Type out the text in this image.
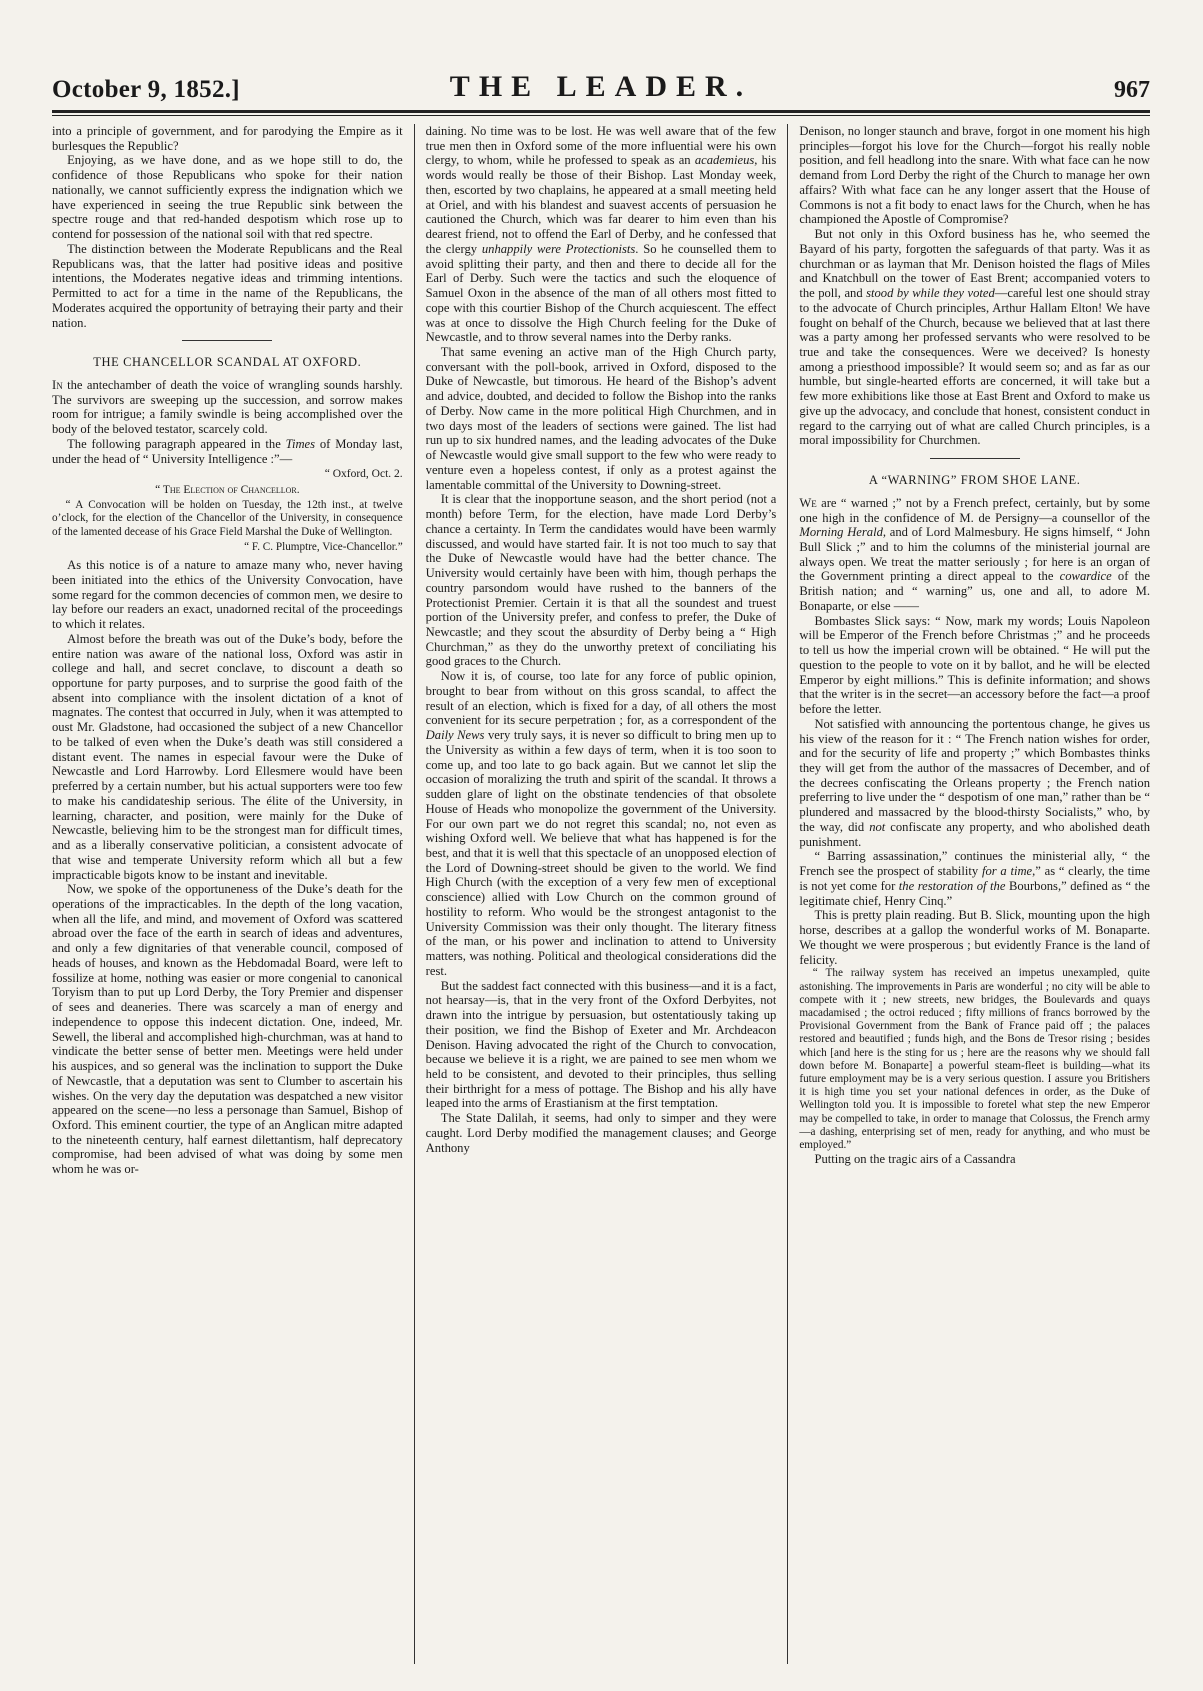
October 9, 1852.]	THE LEADER.	967

into a principle of government, and for parodying the Empire as it burlesques the Republic?

Enjoying, as we have done, and as we hope still to do, the confidence of those Republicans who spoke for their nation nationally, we cannot sufficiently express the indignation which we have experienced in seeing the true Republic sink between the spectre rouge and that red-handed despotism which rose up to contend for possession of the national soil with that red spectre.

The distinction between the Moderate Republicans and the Real Republicans was, that the latter had positive ideas and positive intentions, the Moderates negative ideas and trimming intentions. Permitted to act for a time in the name of the Republicans, the Moderates acquired the opportunity of betraying their party and their nation.

THE CHANCELLOR SCANDAL AT OXFORD.

In the antechamber of death the voice of wrangling sounds harshly. The survivors are sweeping up the succession, and sorrow makes room for intrigue; a family swindle is being accomplished over the body of the beloved testator, scarcely cold.

The following paragraph appeared in the Times of Monday last, under the head of “ University Intelligence :”—

“ Oxford, Oct. 2.
“ The Election of Chancellor.

“ A Convocation will be holden on Tuesday, the 12th inst., at twelve o’clock, for the election of the Chancellor of the University, in consequence of the lamented decease of his Grace Field Marshal the Duke of Wellington.

“ F. C. Plumptre, Vice-Chancellor.”

As this notice is of a nature to amaze many who, never having been initiated into the ethics of the University Convocation, have some regard for the common decencies of common men, we desire to lay before our readers an exact, unadorned recital of the proceedings to which it relates.

Almost before the breath was out of the Duke’s body, before the entire nation was aware of the national loss, Oxford was astir in college and hall, and secret conclave, to discount a death so opportune for party purposes, and to surprise the good faith of the absent into compliance with the insolent dictation of a knot of magnates. The contest that occurred in July, when it was attempted to oust Mr. Gladstone, had occasioned the subject of a new Chancellor to be talked of even when the Duke’s death was still considered a distant event. The names in especial favour were the Duke of Newcastle and Lord Harrowby. Lord Ellesmere would have been preferred by a certain number, but his actual supporters were too few to make his candidateship serious. The élite of the University, in learning, character, and position, were mainly for the Duke of Newcastle, believing him to be the strongest man for difficult times, and as a liberally conservative politician, a consistent advocate of that wise and temperate University reform which all but a few impracticable bigots know to be instant and inevitable.

Now, we spoke of the opportuneness of the Duke’s death for the operations of the impracticables. In the depth of the long vacation, when all the life, and mind, and movement of Oxford was scattered abroad over the face of the earth in search of ideas and adventures, and only a few dignitaries of that venerable council, composed of heads of houses, and known as the Hebdomadal Board, were left to fossilize at home, nothing was easier or more congenial to canonical Toryism than to put up Lord Derby, the Tory Premier and dispenser of sees and deaneries. There was scarcely a man of energy and independence to oppose this indecent dictation. One, indeed, Mr. Sewell, the liberal and accomplished high-churchman, was at hand to vindicate the better sense of better men. Meetings were held under his auspices, and so general was the inclination to support the Duke of Newcastle, that a deputation was sent to Clumber to ascertain his wishes. On the very day the deputation was despatched a new visitor appeared on the scene—no less a personage than Samuel, Bishop of Oxford. This eminent courtier, the type of an Anglican mitre adapted to the nineteenth century, half earnest dilettantism, half deprecatory compromise, had been advised of what was doing by some men whom he was or-

daining. No time was to be lost. He was well aware that of the few true men then in Oxford some of the more influential were his own clergy, to whom, while he professed to speak as an academieus, his words would really be those of their Bishop. Last Monday week, then, escorted by two chaplains, he appeared at a small meeting held at Oriel, and with his blandest and suavest accents of persuasion he cautioned the Church, which was far dearer to him even than his dearest friend, not to offend the Earl of Derby, and he confessed that the clergy unhappily were Protectionists. So he counselled them to avoid splitting their party, and then and there to decide all for the Earl of Derby. Such were the tactics and such the eloquence of Samuel Oxon in the absence of the man of all others most fitted to cope with this courtier Bishop of the Church acquiescent. The effect was at once to dissolve the High Church feeling for the Duke of Newcastle, and to throw several names into the Derby ranks.

That same evening an active man of the High Church party, conversant with the poll-book, arrived in Oxford, disposed to the Duke of Newcastle, but timorous. He heard of the Bishop’s advent and advice, doubted, and decided to follow the Bishop into the ranks of Derby. Now came in the more political High Churchmen, and in two days most of the leaders of sections were gained. The list had run up to six hundred names, and the leading advocates of the Duke of Newcastle would give small support to the few who were ready to venture even a hopeless contest, if only as a protest against the lamentable committal of the University to Downing-street.

It is clear that the inopportune season, and the short period (not a month) before Term, for the election, have made Lord Derby’s chance a certainty. In Term the candidates would have been warmly discussed, and would have started fair. It is not too much to say that the Duke of Newcastle would have had the better chance. The University would certainly have been with him, though perhaps the country parsondom would have rushed to the banners of the Protectionist Premier. Certain it is that all the soundest and truest portion of the University prefer, and confess to prefer, the Duke of Newcastle; and they scout the absurdity of Derby being a “ High Churchman,” as they do the unworthy pretext of conciliating his good graces to the Church.

Now it is, of course, too late for any force of public opinion, brought to bear from without on this gross scandal, to affect the result of an election, which is fixed for a day, of all others the most convenient for its secure perpetration ; for, as a correspondent of the Daily News very truly says, it is never so difficult to bring men up to the University as within a few days of term, when it is too soon to come up, and too late to go back again. But we cannot let slip the occasion of moralizing the truth and spirit of the scandal. It throws a sudden glare of light on the obstinate tendencies of that obsolete House of Heads who monopolize the government of the University. For our own part we do not regret this scandal; no, not even as wishing Oxford well. We believe that what has happened is for the best, and that it is well that this spectacle of an unopposed election of the Lord of Downing-street should be given to the world. We find High Church (with the exception of a very few men of exceptional conscience) allied with Low Church on the common ground of hostility to reform. Who would be the strongest antagonist to the University Commission was their only thought. The literary fitness of the man, or his power and inclination to attend to University matters, was nothing. Political and theological considerations did the rest.

But the saddest fact connected with this business—and it is a fact, not hearsay—is, that in the very front of the Oxford Derbyites, not drawn into the intrigue by persuasion, but ostentatiously taking up their position, we find the Bishop of Exeter and Mr. Archdeacon Denison. Having advocated the right of the Church to convocation, because we believe it is a right, we are pained to see men whom we held to be consistent, and devoted to their principles, thus selling their birthright for a mess of pottage. The Bishop and his ally have leaped into the arms of Erastianism at the first temptation.

The State Dalilah, it seems, had only to simper and they were caught. Lord Derby modified the management clauses; and George Anthony

Denison, no longer staunch and brave, forgot in one moment his high principles—forgot his love for the Church—forgot his really noble position, and fell headlong into the snare. With what face can he now demand from Lord Derby the right of the Church to manage her own affairs? With what face can he any longer assert that the House of Commons is not a fit body to enact laws for the Church, when he has championed the Apostle of Compromise?

But not only in this Oxford business has he, who seemed the Bayard of his party, forgotten the safeguards of that party. Was it as churchman or as layman that Mr. Denison hoisted the flags of Miles and Knatchbull on the tower of East Brent; accompanied voters to the poll, and stood by while they voted—careful lest one should stray to the advocate of Church principles, Arthur Hallam Elton! We have fought on behalf of the Church, because we believed that at last there was a party among her professed servants who were resolved to be true and take the consequences. Were we deceived? Is honesty among a priesthood impossible? It would seem so; and as far as our humble, but single-hearted efforts are concerned, it will take but a few more exhibitions like those at East Brent and Oxford to make us give up the advocacy, and conclude that honest, consistent conduct in regard to the carrying out of what are called Church principles, is a moral impossibility for Churchmen.

A “WARNING” FROM SHOE LANE.

We are “ warned ;” not by a French prefect, certainly, but by some one high in the confidence of M. de Persigny—a counsellor of the Morning Herald, and of Lord Malmesbury. He signs himself, “ John Bull Slick ;” and to him the columns of the ministerial journal are always open. We treat the matter seriously ; for here is an organ of the Government printing a direct appeal to the cowardice of the British nation; and “ warning” us, one and all, to adore M. Bonaparte, or else ——

Bombastes Slick says: “ Now, mark my words; Louis Napoleon will be Emperor of the French before Christmas ;” and he proceeds to tell us how the imperial crown will be obtained. “ He will put the question to the people to vote on it by ballot, and he will be elected Emperor by eight millions.” This is definite information; and shows that the writer is in the secret—an accessory before the fact—a proof before the letter.

Not satisfied with announcing the portentous change, he gives us his view of the reason for it : “ The French nation wishes for order, and for the security of life and property ;” which Bombastes thinks they will get from the author of the massacres of December, and of the decrees confiscating the Orleans property ; the French nation preferring to live under the “ despotism of one man,” rather than be “ plundered and massacred by the blood-thirsty Socialists,” who, by the way, did not confiscate any property, and who abolished death punishment.

“ Barring assassination,” continues the ministerial ally, “ the French see the prospect of stability for a time,” as “ clearly, the time is not yet come for the restoration of the Bourbons,” defined as “ the legitimate chief, Henry Cinq.”

This is pretty plain reading. But B. Slick, mounting upon the high horse, describes at a gallop the wonderful works of M. Bonaparte. We thought we were prosperous ; but evidently France is the land of felicity.

“ The railway system has received an impetus unexampled, quite astonishing. The improvements in Paris are wonderful ; no city will be able to compete with it ; new streets, new bridges, the Boulevards and quays macadamised ; the octroi reduced ; fifty millions of francs borrowed by the Provisional Government from the Bank of France paid off ; the palaces restored and beautified ; funds high, and the Bons de Tresor rising ; besides which [and here is the sting for us ; here are the reasons why we should fall down before M. Bonaparte] a powerful steam-fleet is building—what its future employment may be is a very serious question. I assure you Britishers it is high time you set your national defences in order, as the Duke of Wellington told you. It is impossible to foretel what step the new Emperor may be compelled to take, in order to manage that Colossus, the French army—a dashing, enterprising set of men, ready for anything, and who must be employed.”

Putting on the tragic airs of a Cassandra
